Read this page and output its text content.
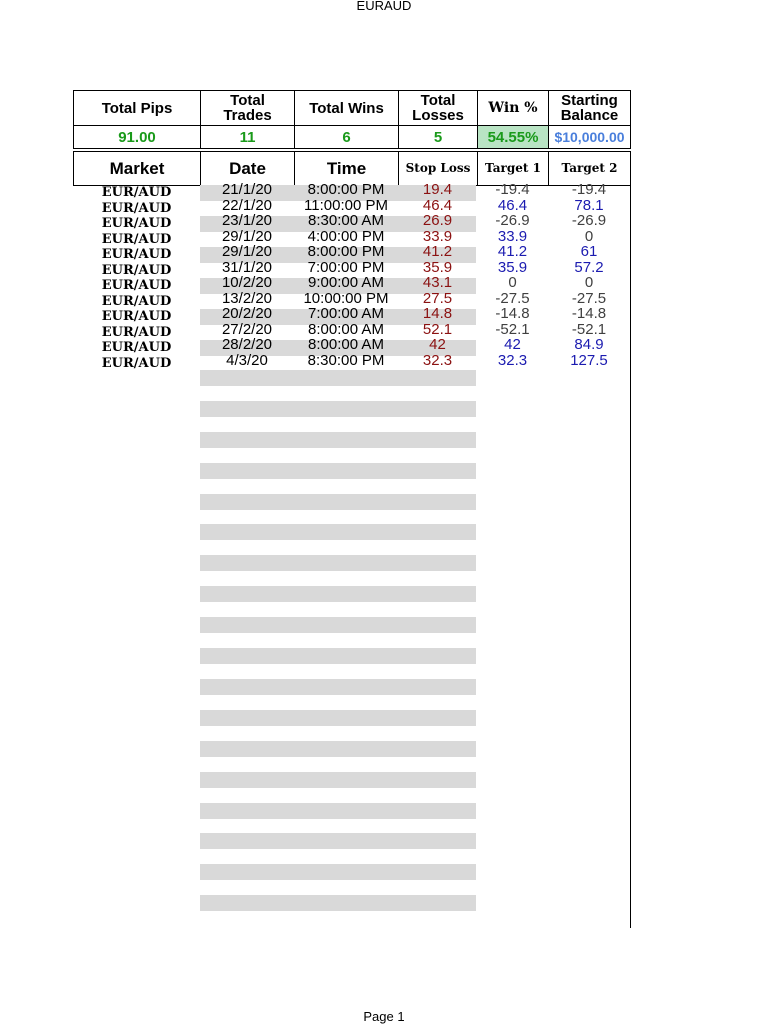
EURAUD
Total Pips	Total Trades	Total Wins	Total Losses	Win %	Starting Balance
91.00	11	6	5	54.55%	$10,000.00
Market	Date	Time	Stop Loss	Target 1	Target 2
EUR/AUD	21/1/20	8:00:00 PM	19.4	-19.4	-19.4
EUR/AUD	22/1/20	11:00:00 PM	46.4	46.4	78.1
EUR/AUD	23/1/20	8:30:00 AM	26.9	-26.9	-26.9
EUR/AUD	29/1/20	4:00:00 PM	33.9	33.9	0
EUR/AUD	29/1/20	8:00:00 PM	41.2	41.2	61
EUR/AUD	31/1/20	7:00:00 PM	35.9	35.9	57.2
EUR/AUD	10/2/20	9:00:00 AM	43.1	0	0
EUR/AUD	13/2/20	10:00:00 PM	27.5	-27.5	-27.5
EUR/AUD	20/2/20	7:00:00 AM	14.8	-14.8	-14.8
EUR/AUD	27/2/20	8:00:00 AM	52.1	-52.1	-52.1
EUR/AUD	28/2/20	8:00:00 AM	42	42	84.9
EUR/AUD	4/3/20	8:30:00 PM	32.3	32.3	127.5
Page 1
